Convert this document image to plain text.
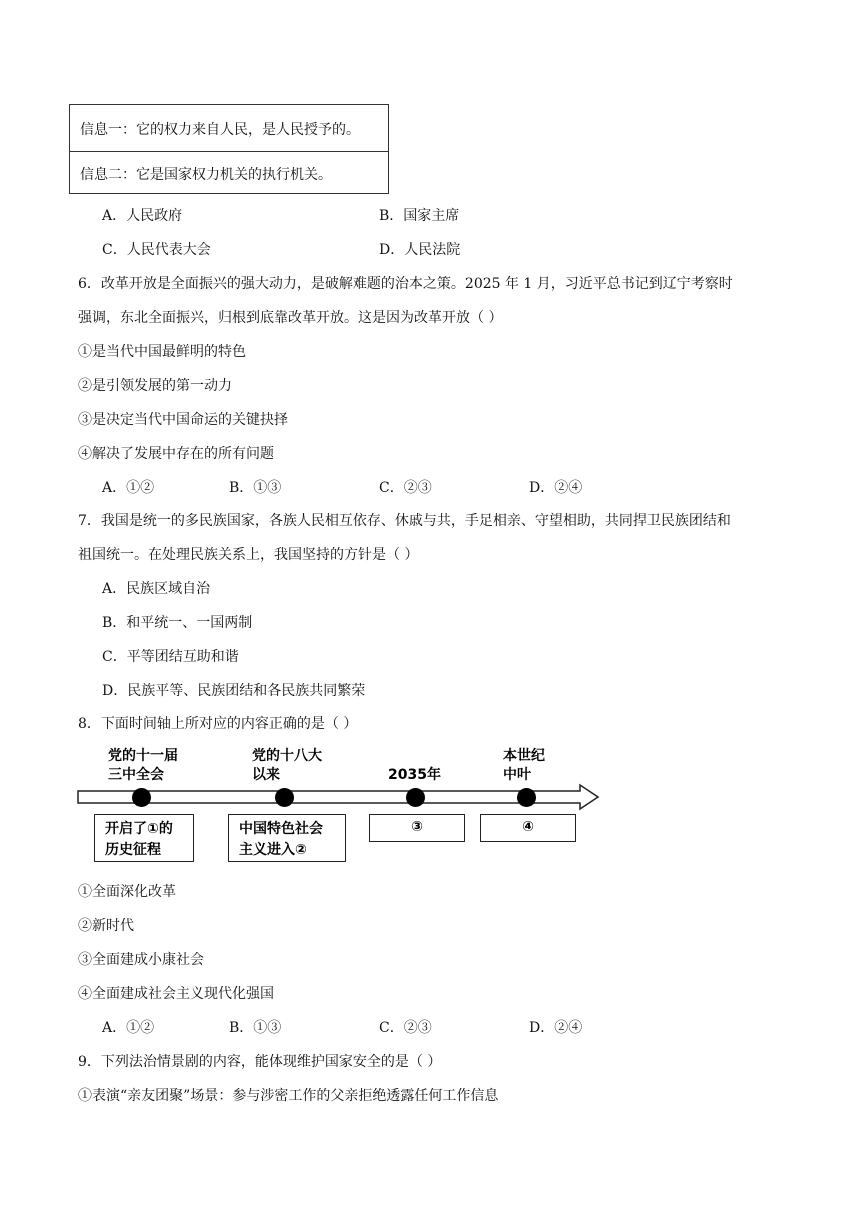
信息一：它的权力来自人民，是人民授予的。
信息二：它是国家权力机关的执行机关。
A．人民政府	B．国家主席
C．人民代表大会	D．人民法院
6．改革开放是全面振兴的强大动力，是破解难题的治本之策。2025 年 1 月，习近平总书记到辽宁考察时
强调，东北全面振兴，归根到底靠改革开放。这是因为改革开放（ ）
①是当代中国最鲜明的特色
②是引领发展的第一动力
③是决定当代中国命运的关键抉择
④解决了发展中存在的所有问题
A．①②	B．①③	C．②③	D．②④
7．我国是统一的多民族国家，各族人民相互依存、休戚与共，手足相亲、守望相助，共同捍卫民族团结和
祖国统一。在处理民族关系上，我国坚持的方针是（ ）
A．民族区域自治
B．和平统一、一国两制
C．平等团结互助和谐
D．民族平等、民族团结和各民族共同繁荣
8．下面时间轴上所对应的内容正确的是（ ）
党的十一届
三中全会
党的十八大
以来	2035年
本世纪
中叶
开启了①的
历史征程
中国特色社会
主义进入②
③	④
①全面深化改革
②新时代
③全面建成小康社会
④全面建成社会主义现代化强国
A．①②	B．①③	C．②③	D．②④
9．下列法治情景剧的内容，能体现维护国家安全的是（ ）
①表演“亲友团聚”场景：参与涉密工作的父亲拒绝透露任何工作信息
